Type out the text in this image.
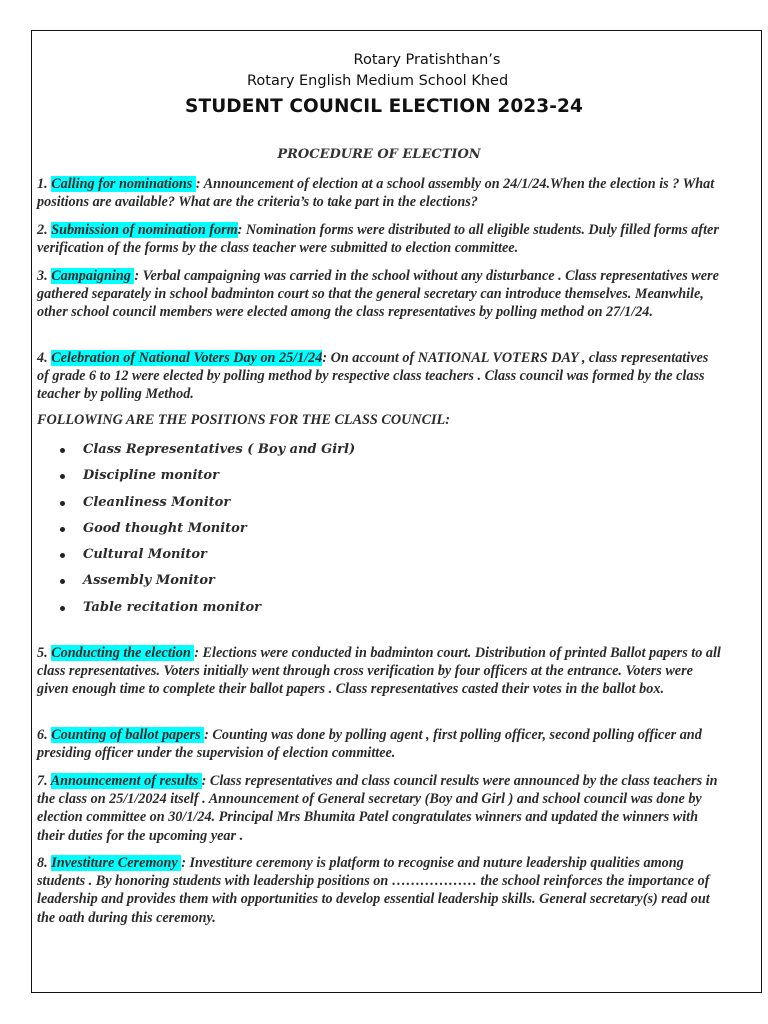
Rotary Pratishthan’s
Rotary English Medium School Khed
STUDENT COUNCIL ELECTION 2023-24
PROCEDURE OF ELECTION

1. Calling for nominations : Announcement of election at a school assembly on 24/1/24.When the election is ? What positions are available? What are the criteria’s to take part in the elections?

2. Submission of nomination form: Nomination forms were distributed to all eligible students. Duly filled forms after verification of the forms by the class teacher were submitted to election committee.

3. Campaigning : Verbal campaigning was carried in the school without any disturbance . Class representatives were gathered separately in school badminton court so that the general secretary can introduce themselves. Meanwhile, other school council members were elected among the class representatives by polling method on 27/1/24.

4. Celebration of National Voters Day on 25/1/24: On account of NATIONAL VOTERS DAY , class representatives of grade 6 to 12 were elected by polling method by respective class teachers . Class council was formed by the class teacher by polling Method.

FOLLOWING ARE THE POSITIONS FOR THE CLASS COUNCIL:
Class Representatives ( Boy and Girl)
Discipline monitor
Cleanliness Monitor
Good thought Monitor
Cultural Monitor
Assembly Monitor
Table recitation monitor

5. Conducting the election : Elections were conducted in badminton court. Distribution of printed Ballot papers to all class representatives. Voters initially went through cross verification by four officers at the entrance. Voters were given enough time to complete their ballot papers . Class representatives casted their votes in the ballot box.

6. Counting of ballot papers : Counting was done by polling agent , first polling officer, second polling officer and presiding officer under the supervision of election committee.

7. Announcement of results : Class representatives and class council results were announced by the class teachers in the class on 25/1/2024 itself . Announcement of General secretary (Boy and Girl ) and school council was done by election committee on 30/1/24. Principal Mrs Bhumita Patel congratulates winners and updated the winners with their duties for the upcoming year .

8. Investiture Ceremony : Investiture ceremony is platform to recognise and nuture leadership qualities among students . By honoring students with leadership positions on ……………… the school reinforces the importance of leadership and provides them with opportunities to develop essential leadership skills. General secretary(s) read out the oath during this ceremony.
